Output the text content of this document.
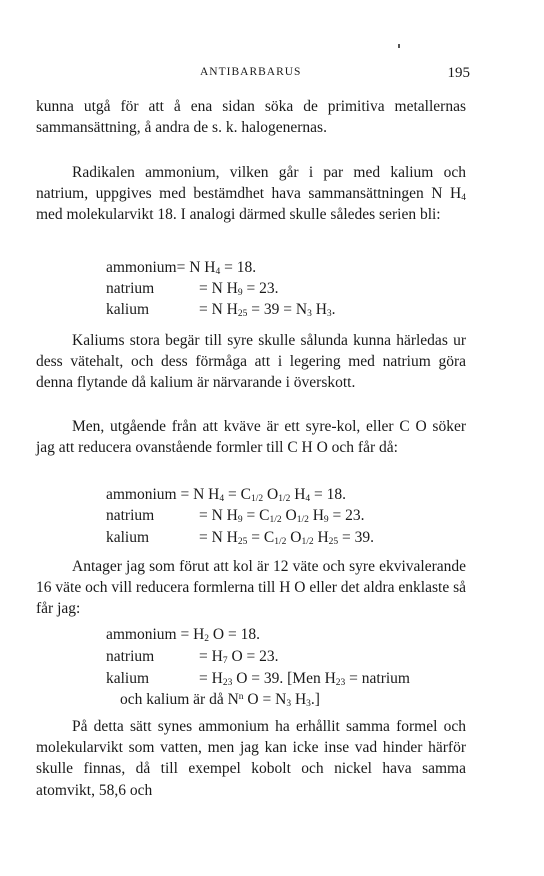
ANTIBARBARUS	195

kunna utgå för att å ena sidan söka de primitiva metallernas sammansättning, å andra de s. k. halogenernas.

Radikalen ammonium, vilken går i par med kalium och natrium, uppgives med bestämdhet hava sammansättningen N $H_4$ med molekularvikt 18. I analogi därmed skulle således serien bli:

ammonium= N $H_4 = 18$.
natrium	= N $H_9 = 23$.
kalium	= N $H_{25} = 39 = N_3$ $H_3$.

Kaliums stora begär till syre skulle sålunda kunna härledas ur dess vätehalt, och dess förmåga att i legering med natrium göra denna flytande då kalium är närvarande i överskott.

Men, utgående från att kväve är ett syre-kol, eller C O söker jag att reducera ovanstående formler till C H O och får då:

ammonium = N $H_4 = C_{1/2}$ $O_{1/2}$ $H_4 = 18$.
natrium	= N $H_9 = C_{1/2}$ $O_{1/2}$ $H_9 = 23$.
kalium	= N $H_{25} = C_{1/2}$ $O_{1/2}$ $H_{25} = 39$.

Antager jag som förut att kol är 12 väte och syre ekvivalerande 16 väte och vill reducera formlerna till H O eller det aldra enklaste så får jag:

ammonium = $H_2$ O = 18.
natrium	= $H_7$ O = 23.
kalium	= $H_{23}$ O = 39. [Men $H_{23}$ = natrium
och kalium är då $N^n$ $O = N_3$ $H_3$.]

På detta sätt synes ammonium ha erhållit samma formel och molekularvikt som vatten, men jag kan icke inse vad hinder härför skulle finnas, då till exempel kobolt och nickel hava samma atomvikt, 58,6 och
